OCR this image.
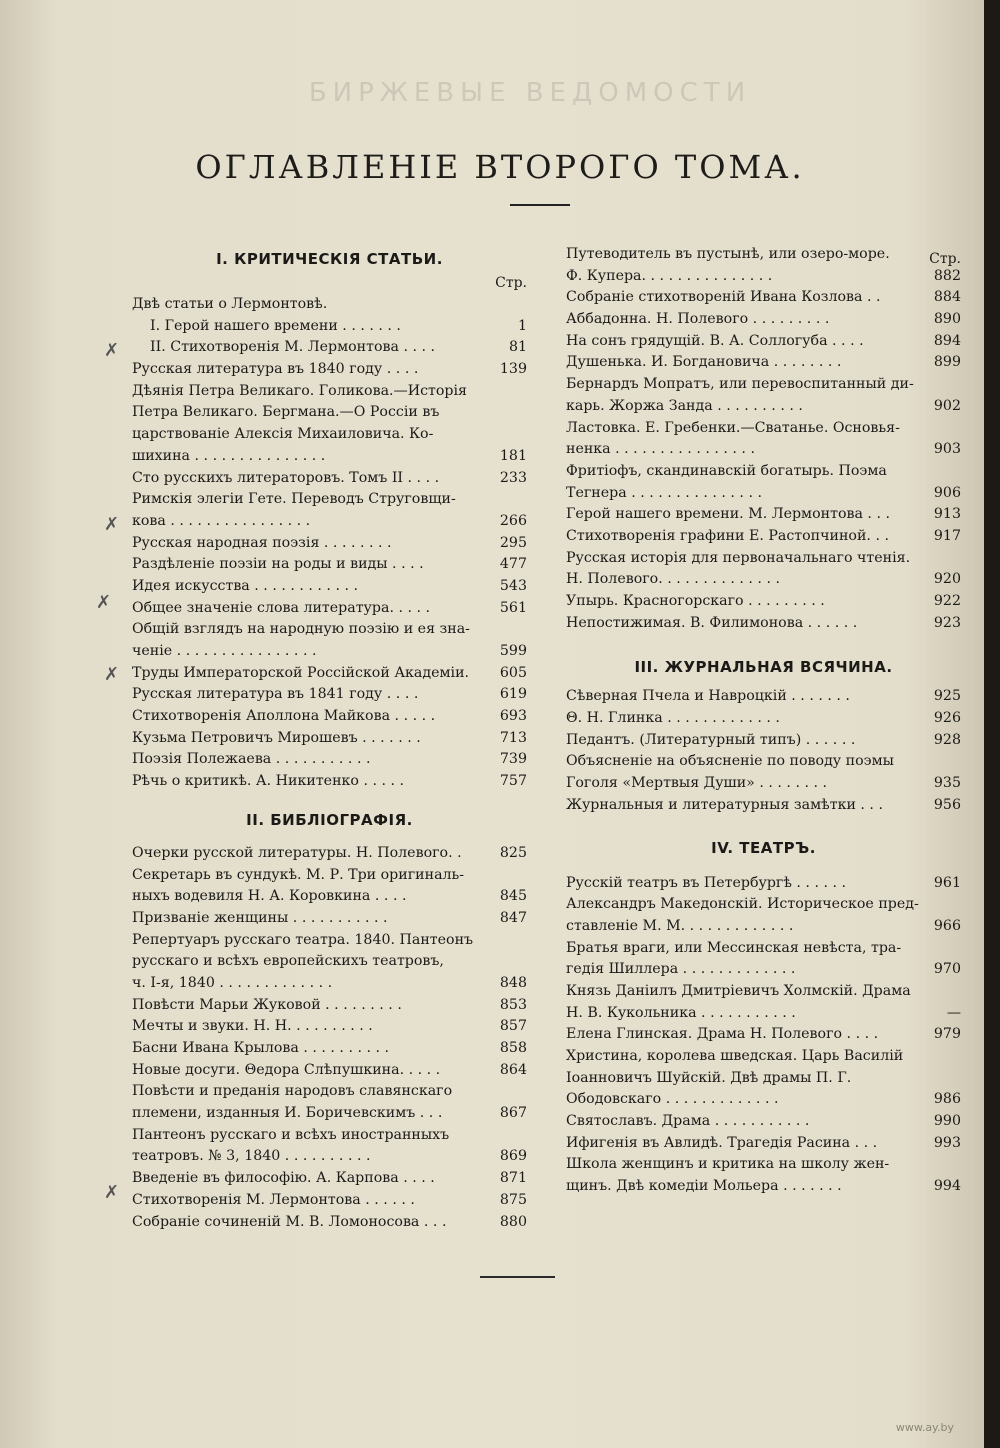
БИРЖЕВЫЕ ВЕДОМОСТИ
ОГЛАВЛЕНІЕ ВТОРОГО ТОМА.
I. КРИТИЧЕСКІЯ СТАТЬИ.
Стр.
Двѣ статьи о Лермонтовѣ.
I. Герой нашего времени . . . . . . .	1
II. Стихотворенія М. Лермонтова . . . .	81
Русская литература въ 1840 году . . . .	139
Дѣянія Петра Великаго. Голикова.—Исторія
Петра Великаго. Бергмана.—О Россіи въ
царствованіе Алексія Михаиловича. Ко-
шихина . . . . . . . . . . . . . . .	181
Сто русскихъ литераторовъ. Томъ II . . . .	233
Римскія элегіи Гете. Переводъ Струговщи-
кова . . . . . . . . . . . . . . . .	266
Русская народная поэзія . . . . . . . .	295
Раздѣленіе поэзіи на роды и виды . . . .	477
Идея искусства . . . . . . . . . . . .	543
Общее значеніе слова литература. . . . .	561
Общій взглядъ на народную поэзію и ея зна-
ченіе . . . . . . . . . . . . . . . .	599
Труды Императорской Россійской Академіи. 605
Русская литература въ 1841 году . . . .	619
Стихотворенія Аполлона Майкова . . . . .	693
Кузьма Петровичъ Мирошевъ . . . . . . .	713
Поэзія Полежаева . . . . . . . . . . .	739
Рѣчь о критикѣ. А. Никитенко . . . . .	757
II. БИБЛІОГРАФІЯ.
Очерки русской литературы. Н. Полевого. .	825
Секретарь въ сундукѣ. М. Р. Три оригиналь-
ныхъ водевиля Н. А. Коровкина . . . .	845
Призваніе женщины . . . . . . . . . . .	847
Репертуаръ русскаго театра. 1840. Пантеонъ
русскаго и всѣхъ европейскихъ театровъ,
ч. I-я, 1840 . . . . . . . . . . . . .	848
Повѣсти Марьи Жуковой . . . . . . . . .	853
Мечты и звуки. Н. Н. . . . . . . . . .	857
Басни Ивана Крылова . . . . . . . . . .	858
Новые досуги. Θедора Слѣпушкина. . . . .	864
Повѣсти и преданія народовъ славянскаго
племени, изданныя И. Боричевскимъ . . .	867
Пантеонъ русскаго и всѣхъ иностранныхъ
театровъ. № 3, 1840 . . . . . . . . . .	869
Введеніе въ философію. А. Карпова . . . .	871
Стихотворенія М. Лермонтова . . . . . .	875
Собраніе сочиненій М. В. Ломоносова . . .	880
Стр.
Путеводитель въ пустынѣ, или озеро-море.
Ф. Купера. . . . . . . . . . . . . . .	882
Собраніе стихотвореній Ивана Козлова . .	884
Аббадонна. Н. Полевого . . . . . . . . .	890
На сонъ грядущій. В. А. Соллогуба . . . .	894
Душенька. И. Богдановича . . . . . . . .	899
Бернардъ Мопратъ, или перевоспитанный ди-
карь. Жоржа Занда . . . . . . . . . .	902
Ластовка. Е. Гребенки.—Сватанье. Основья-
ненка . . . . . . . . . . . . . . . .	903
Фритіофъ, скандинавскій богатырь. Поэма
Тегнера . . . . . . . . . . . . . . .	906
Герой нашего времени. М. Лермонтова . . .	913
Стихотворенія графини Е. Растопчиной. . .	917
Русская исторія для первоначальнаго чтенія.
Н. Полевого. . . . . . . . . . . . . .	920
Упырь. Красногорскаго . . . . . . . . .	922
Непостижимая. В. Филимонова . . . . . .	923
III. ЖУРНАЛЬНАЯ ВСЯЧИНА.
Сѣверная Пчела и Навроцкій . . . . . . .	925
Θ. Н. Глинка . . . . . . . . . . . . .	926
Педантъ. (Литературный типъ) . . . . . .	928
Объясненіе на объясненіе по поводу поэмы
Гоголя «Мертвыя Души» . . . . . . . .	935
Журнальныя и литературныя замѣтки . . .	956
IV. ТЕАТРЪ.
Русскій театръ въ Петербургѣ . . . . . .	961
Александръ Македонскій. Историческое пред-
ставленіе М. М. . . . . . . . . . . . .	966
Братья враги, или Мессинская невѣста, тра-
гедія Шиллера . . . . . . . . . . . . .	970
Князь Даніилъ Дмитріевичъ Холмскій. Драма
Н. В. Кукольника . . . . . . . . . . .	—
Елена Глинская. Драма Н. Полевого . . . .	979
Христина, королева шведская. Царь Василій
Іоанновичъ Шуйскій. Двѣ драмы П. Г.
Ободовскаго . . . . . . . . . . . . .	986
Святославъ. Драма . . . . . . . . . . .	990
Ифигенія въ Авлидѣ. Трагедія Расина . . .	993
Школа женщинъ и критика на школу жен-
щинъ. Двѣ комедіи Мольера . . . . . . .	994
✗
✗
✗
✗
✗
www.ay.by
